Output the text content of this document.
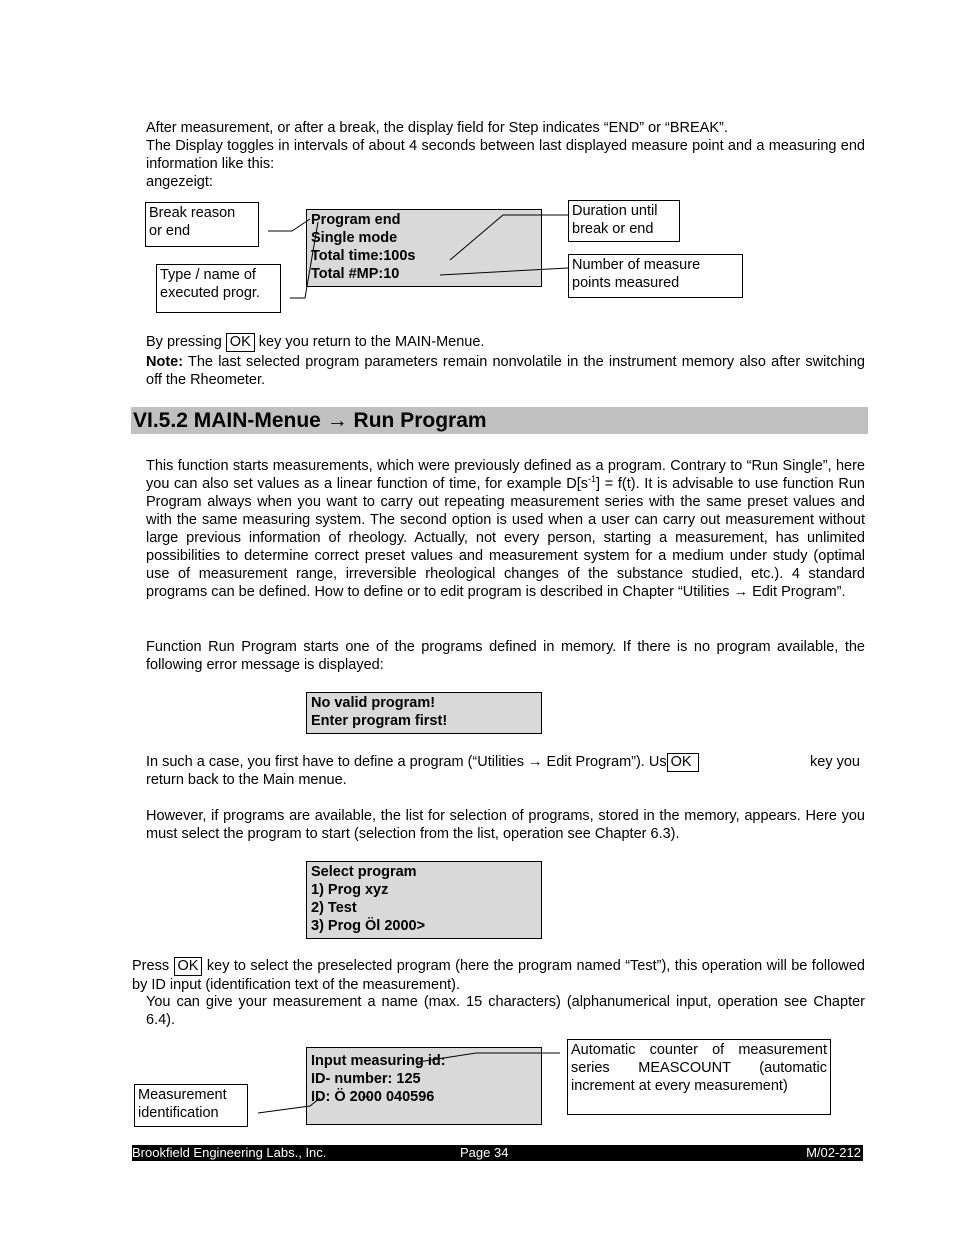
After measurement, or after a break, the display field for Step indicates “END” or “BREAK”.
The Display toggles in intervals of about 4 seconds between last displayed measure point and a measuring end information like this:
angezeigt:
Break reason
or end
Type / name of
executed progr.
Program end
Single mode
Total time:100s
Total #MP:10
Duration until
break or end
Number of measure
points measured
By pressing OK key you return to the MAIN-Menue.
Note: The last selected program parameters remain nonvolatile in the instrument memory also after switching off the Rheometer.
VI.5.2 MAIN-Menue → Run Program
This function starts measurements, which were previously defined as a program. Contrary to “Run Single”, here you can also set values as a linear function of time, for example $D[s^{-1}] = f(t)$. It is advisable to use function Run Program always when you want to carry out repeating measurement series with the same preset values and with the same measuring system. The second option is used when a user can carry out measurement without large previous information of rheology. Actually, not every person, starting a measurement, has unlimited possibilities to determine correct preset values and measurement system for a medium under study (optimal use of measurement range, irreversible rheological changes of the substance studied, etc.). 4 standard programs can be defined. How to define or to edit program is described in Chapter “Utilities → Edit Program”.
Function Run Program starts one of the programs defined in memory. If there is no program available, the following error message is displayed:
No valid program!
Enter program first!
In such a case, you first have to define a program (“Utilities → Edit Program”). Us OK	key you
return back to the Main menue.
However, if programs are available, the list for selection of programs, stored in the memory, appears. Here you must select the program to start (selection from the list, operation see Chapter 6.3).
Select program
1) Prog xyz
2) Test
3) Prog Öl 2000>
Press OK key to select the preselected program (here the program named “Test”), this operation will be followed by ID input (identification text of the measurement).
You can give your measurement a name (max. 15 characters) (alphanumerical input, operation see Chapter 6.4).
Input measuring id:
ID- number: 125
ID: Ö 2000 040596
Automatic counter of measurement series MEASCOUNT (automatic increment at every measurement)
Measurement
identification
Brookfield Engineering Labs., Inc.	Page 34	M/02-212
